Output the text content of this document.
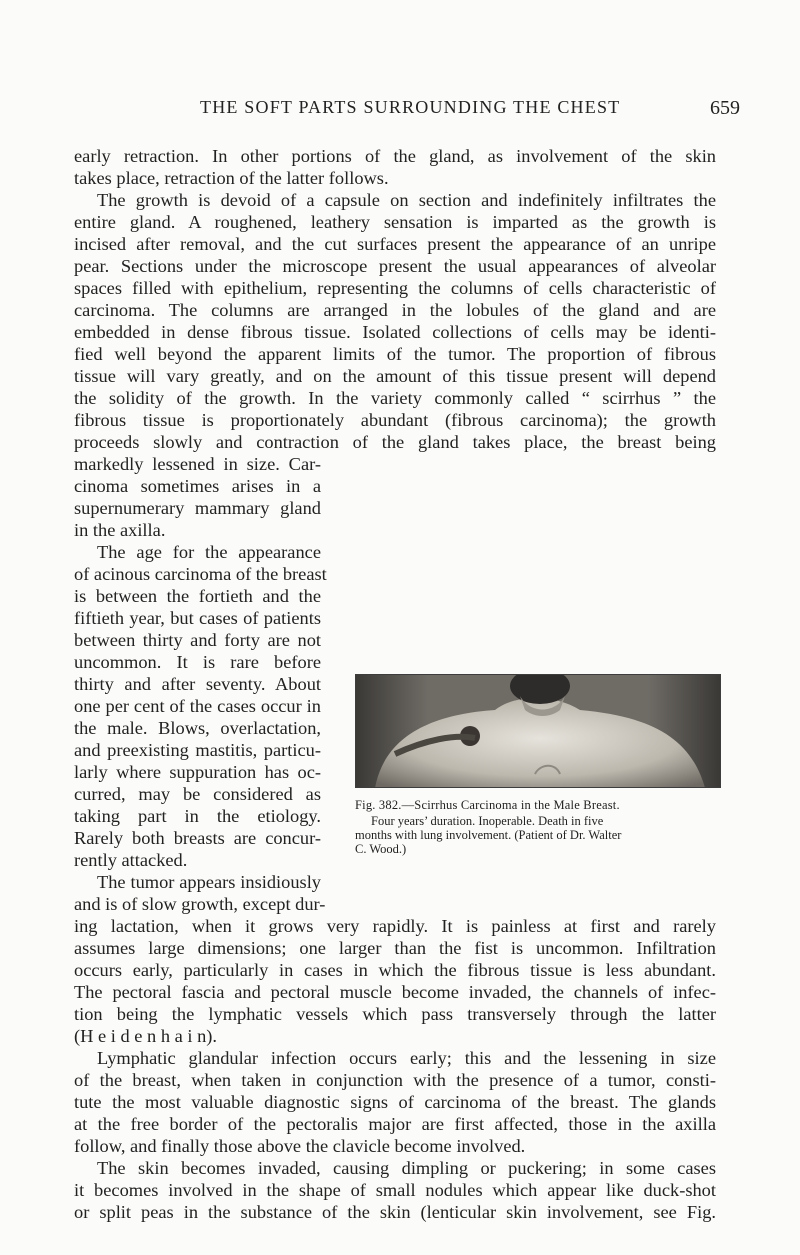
THE SOFT PARTS SURROUNDING THE CHEST	659
early retraction. In other portions of the gland, as involvement of the skin
takes place, retraction of the latter follows.
The growth is devoid of a capsule on section and indefinitely infiltrates the
entire gland. A roughened, leathery sensation is imparted as the growth is
incised after removal, and the cut surfaces present the appearance of an unripe
pear. Sections under the microscope present the usual appearances of alveolar
spaces filled with epithelium, representing the columns of cells characteristic of
carcinoma. The columns are arranged in the lobules of the gland and are
embedded in dense fibrous tissue. Isolated collections of cells may be identi-
fied well beyond the apparent limits of the tumor. The proportion of fibrous
tissue will vary greatly, and on the amount of this tissue present will depend
the solidity of the growth. In the variety commonly called “ scirrhus ” the
fibrous tissue is proportionately abundant (fibrous carcinoma); the growth
proceeds slowly and contraction of the gland takes place, the breast being
markedly lessened in size. Car-
cinoma sometimes arises in a
supernumerary mammary gland
in the axilla.
The age for the appearance
of acinous carcinoma of the breast
is between the fortieth and the
fiftieth year, but cases of patients
between thirty and forty are not
uncommon. It is rare before
thirty and after seventy. About
one per cent of the cases occur in
the male. Blows, overlactation,
and preexisting mastitis, particu-
larly where suppuration has oc-
curred, may be considered as
taking part in the etiology.
Rarely both breasts are concur-
rently attacked.
The tumor appears insidiously
and is of slow growth, except dur-
ing lactation, when it grows very rapidly. It is painless at first and rarely
assumes large dimensions; one larger than the fist is uncommon. Infiltration
occurs early, particularly in cases in which the fibrous tissue is less abundant.
The pectoral fascia and pectoral muscle become invaded, the channels of infec-
tion being the lymphatic vessels which pass transversely through the latter
(H e i d e n h a i n).
Lymphatic glandular infection occurs early; this and the lessening in size
of the breast, when taken in conjunction with the presence of a tumor, consti-
tute the most valuable diagnostic signs of carcinoma of the breast. The glands
at the free border of the pectoralis major are first affected, those in the axilla
follow, and finally those above the clavicle become involved.
The skin becomes invaded, causing dimpling or puckering; in some cases
it becomes involved in the shape of small nodules which appear like duck-shot
or split peas in the substance of the skin (lenticular skin involvement, see Fig.
Fig. 382.—Scirrhus Carcinoma in the Male Breast.
Four years’ duration. Inoperable. Death in five
months with lung involvement. (Patient of Dr. Walter
C. Wood.)
